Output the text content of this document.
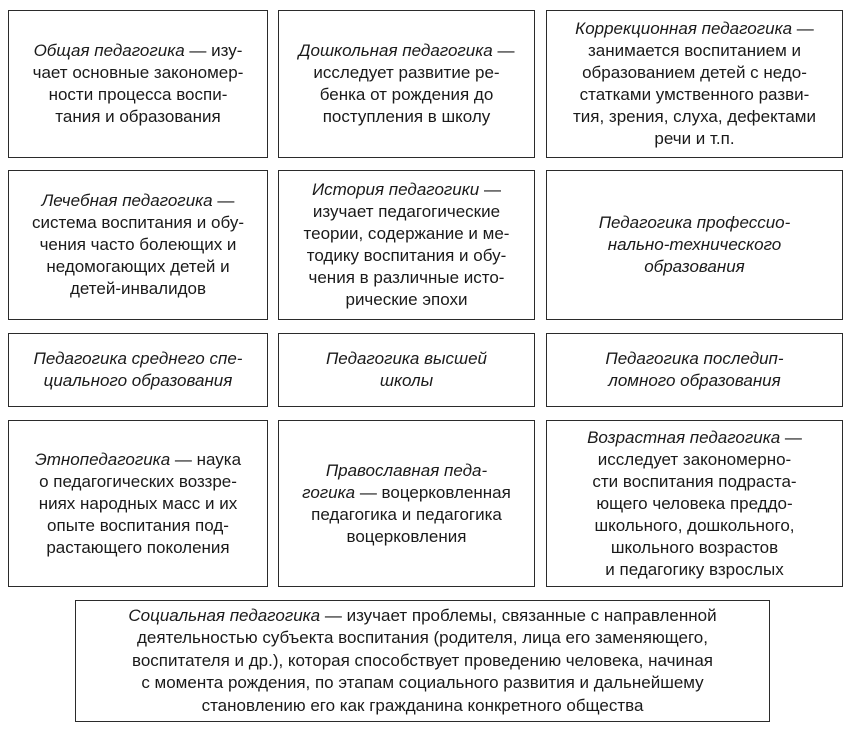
Общая педагогика — изу-
чает основные закономер-
ности процесса воспи-
тания и образования

Дошкольная педагогика —
исследует развитие ре-
бенка от рождения до
поступления в школу

Коррекционная педагогика —
занимается воспитанием и
образованием детей с недо-
статками умственного разви-
тия, зрения, слуха, дефектами
речи и т.п.

Лечебная педагогика —
система воспитания и обу-
чения часто болеющих и
недомогающих детей и
детей-инвалидов

История педагогики —
изучает педагогические
теории, содержание и ме-
тодику воспитания и обу-
чения в различные исто-
рические эпохи

Педагогика профессио-
нально-технического
образования

Педагогика среднего спе-
циального образования

Педагогика высшей
школы

Педагогика последип-
ломного образования

Этнопедагогика — наука
о педагогических воззре-
ниях народных масс и их
опыте воспитания под-
растающего поколения

Православная педа-
гогика — воцерковленная
педагогика и педагогика
воцерковления

Возрастная педагогика —
исследует закономерно-
сти воспитания подраста-
ющего человека преддо-
школьного, дошкольного,
школьного возрастов
и педагогику взрослых

Социальная педагогика — изучает проблемы, связанные с направленной
деятельностью субъекта воспитания (родителя, лица его заменяющего,
воспитателя и др.), которая способствует проведению человека, начиная
с момента рождения, по этапам социального развития и дальнейшему
становлению его как гражданина конкретного общества
